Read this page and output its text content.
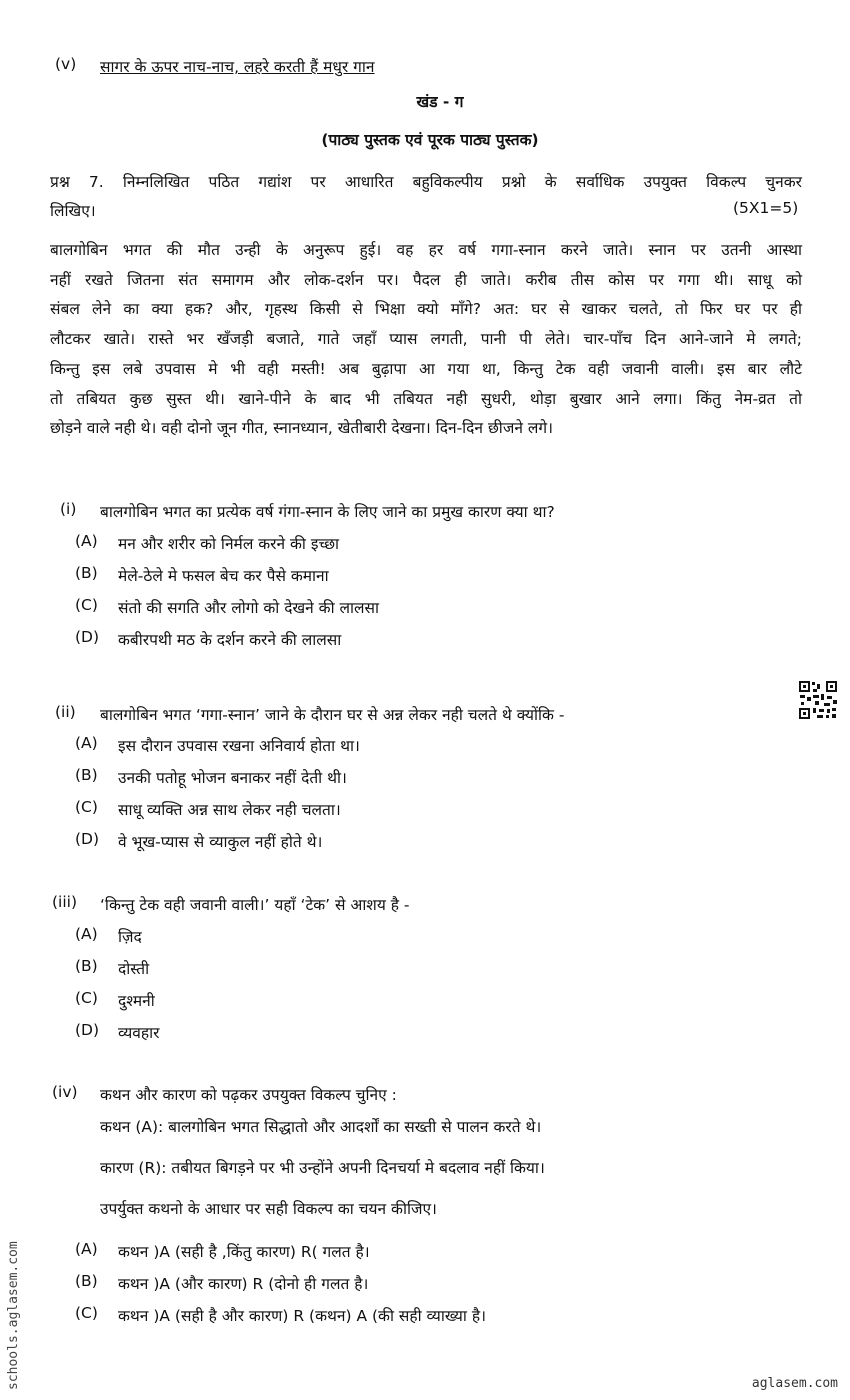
(v) सागर के ऊपर नाच-नाच, लहरे करती हैं मधुर गान
खंड - ग
(पाठ्य पुस्तक एवं पूरक पाठ्य पुस्तक)
प्रश्न 7. निम्नलिखित पठित गद्यांश पर आधारित बहुविकल्पीय प्रश्नो के सर्वाधिक उपयुक्त विकल्प चुनकर
लिखिए।	(5X1=5)
बालगोबिन भगत की मौत उन्ही के अनुरूप हुई। वह हर वर्ष गगा-स्नान करने जाते। स्नान पर उतनी आस्था
नहीं रखते जितना संत समागम और लोक-दर्शन पर। पैदल ही जाते। करीब तीस कोस पर गगा थी। साधू को
संबल लेने का क्या हक? और, गृहस्थ किसी से भिक्षा क्यो माँगे? अत: घर से खाकर चलते, तो फिर घर पर ही
लौटकर खाते। रास्ते भर खँजड़ी बजाते, गाते जहाँ प्यास लगती, पानी पी लेते। चार-पाँच दिन आने-जाने मे लगते;
किन्तु इस लबे उपवास मे भी वही मस्ती! अब बुढ़ापा आ गया था, किन्तु टेक वही जवानी वाली। इस बार लौटे
तो तबियत कुछ सुस्त थी। खाने-पीने के बाद भी तबियत नही सुधरी, थोड़ा बुखार आने लगा। किंतु नेम-व्रत तो
छोड़ने वाले नही थे। वही दोनो जून गीत, स्नानध्यान, खेतीबारी देखना। दिन-दिन छीजने लगे।
(i) बालगोबिन भगत का प्रत्येक वर्ष गंगा-स्नान के लिए जाने का प्रमुख कारण क्या था?
(A) मन और शरीर को निर्मल करने की इच्छा
(B) मेले-ठेले मे फसल बेच कर पैसे कमाना
(C) संतो की सगति और लोगो को देखने की लालसा
(D) कबीरपथी मठ के दर्शन करने की लालसा
(ii) बालगोबिन भगत ‘गगा-स्नान’ जाने के दौरान घर से अन्न लेकर नही चलते थे क्योंकि -
(A) इस दौरान उपवास रखना अनिवार्य होता था।
(B) उनकी पतोहू भोजन बनाकर नहीं देती थी।
(C) साधू व्यक्ति अन्न साथ लेकर नही चलता।
(D) वे भूख-प्यास से व्याकुल नहीं होते थे।
(iii) ‘किन्तु टेक वही जवानी वाली।’ यहाँ ‘टेक’ से आशय है -
(A) ज़िद
(B) दोस्ती
(C) दुश्मनी
(D) व्यवहार
(iv) कथन और कारण को पढ़कर उपयुक्त विकल्प चुनिए :
कथन (A): बालगोबिन भगत सिद्धातो और आदर्शों का सख्ती से पालन करते थे।
कारण (R): तबीयत बिगड़ने पर भी उन्होंने अपनी दिनचर्या मे बदलाव नहीं किया।
उपर्युक्त कथनो के आधार पर सही विकल्प का चयन कीजिए।
(A) कथन )A (सही है ,किंतु कारण) R( गलत है।
(B) कथन )A (और कारण) R (दोनो ही गलत है।
(C) कथन )A (सही है और कारण) R (कथन) A (की सही व्याख्या है।
schools.aglasem.com	aglasem.com
